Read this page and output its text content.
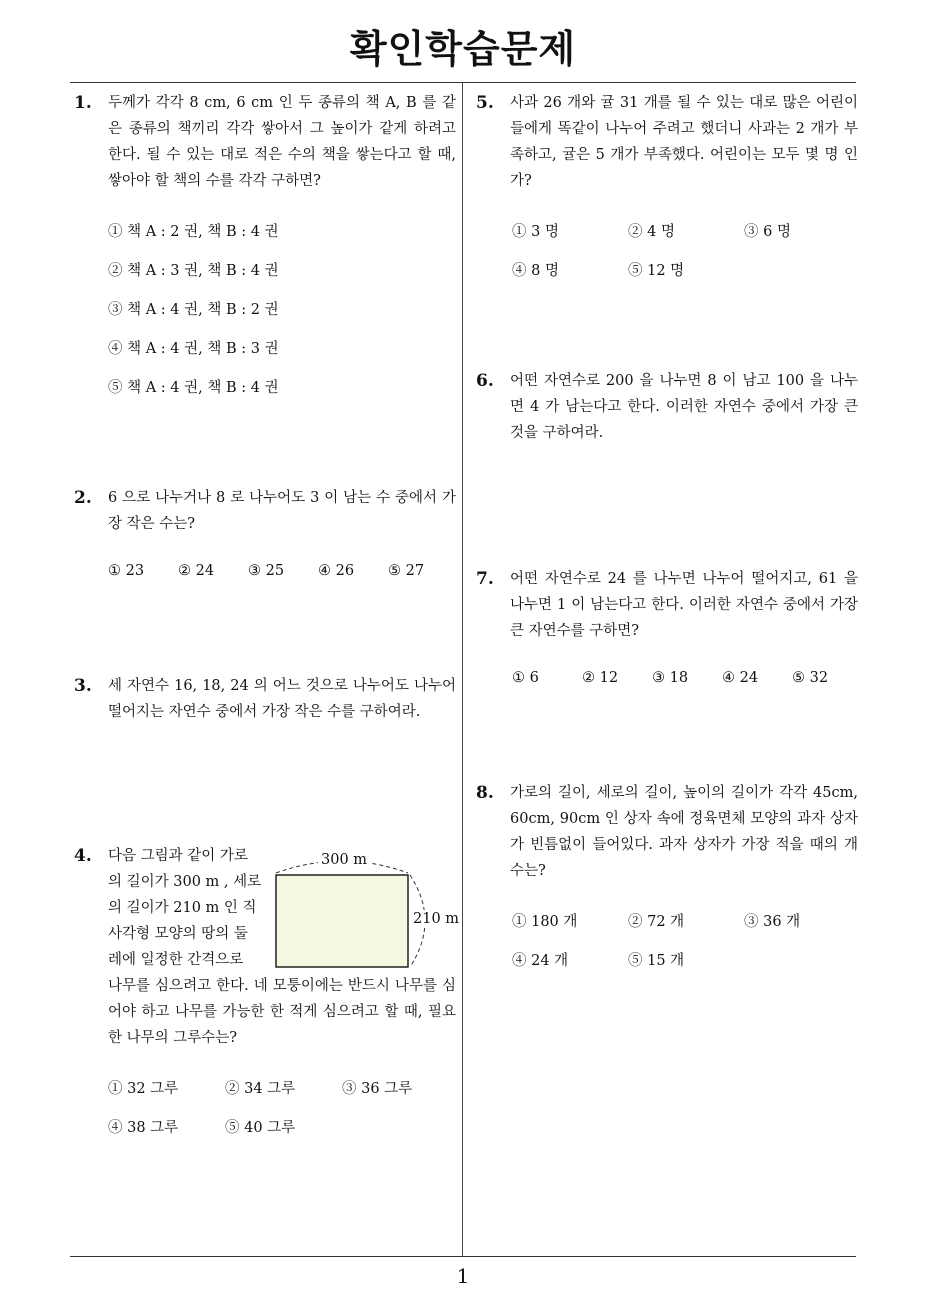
확인학습문제
1
1. 두께가 각각 8 cm, 6 cm 인 두 종류의 책 A, B 를 같은 종류의 책끼리 각각 쌓아서 그 높이가 같게 하려고 한다. 될 수 있는 대로 적은 수의 책을 쌓는다고 할 때, 쌓아야 할 책의 수를 각각 구하면?
① 책 A : 2 권, 책 B : 4 권
② 책 A : 3 권, 책 B : 4 권
③ 책 A : 4 권, 책 B : 2 권
④ 책 A : 4 권, 책 B : 3 권
⑤ 책 A : 4 권, 책 B : 4 권
2. 6 으로 나누거나 8 로 나누어도 3 이 남는 수 중에서 가장 작은 수는?
① 23 ② 24 ③ 25 ④ 26 ⑤ 27
3. 세 자연수 16, 18, 24 의 어느 것으로 나누어도 나누어 떨어지는 자연수 중에서 가장 작은 수를 구하여라.
4. 다음 그림과 같이 가로
의 길이가 300 m , 세로
의 길이가 210 m 인 직
사각형 모양의 땅의 둘
레에 일정한 간격으로
나무를 심으려고 한다. 네 모퉁이에는 반드시 나무를 심어야 하고 나무를 가능한 한 적게 심으려고 할 때, 필요한 나무의 그루수는?
300 m
210 m
① 32 그루	② 34 그루	③ 36 그루
④ 38 그루	⑤ 40 그루
5. 사과 26 개와 귤 31 개를 될 수 있는 대로 많은 어린이들에게 똑같이 나누어 주려고 했더니 사과는 2 개가 부족하고, 귤은 5 개가 부족했다. 어린이는 모두 몇 명 인가?
① 3 명	② 4 명	③ 6 명
④ 8 명	⑤ 12 명
6. 어떤 자연수로 200 을 나누면 8 이 남고 100 을 나누면 4 가 남는다고 한다. 이러한 자연수 중에서 가장 큰 것을 구하여라.
7. 어떤 자연수로 24 를 나누면 나누어 떨어지고, 61 을 나누면 1 이 남는다고 한다. 이러한 자연수 중에서 가장 큰 자연수를 구하면?
① 6	② 12 ③ 18 ④ 24 ⑤ 32
8. 가로의 길이, 세로의 길이, 높이의 길이가 각각 45cm, 60cm, 90cm 인 상자 속에 정육면체 모양의 과자 상자가 빈틈없이 들어있다. 과자 상자가 가장 적을 때의 개수는?
① 180 개	② 72 개	③ 36 개
④ 24 개	⑤ 15 개
